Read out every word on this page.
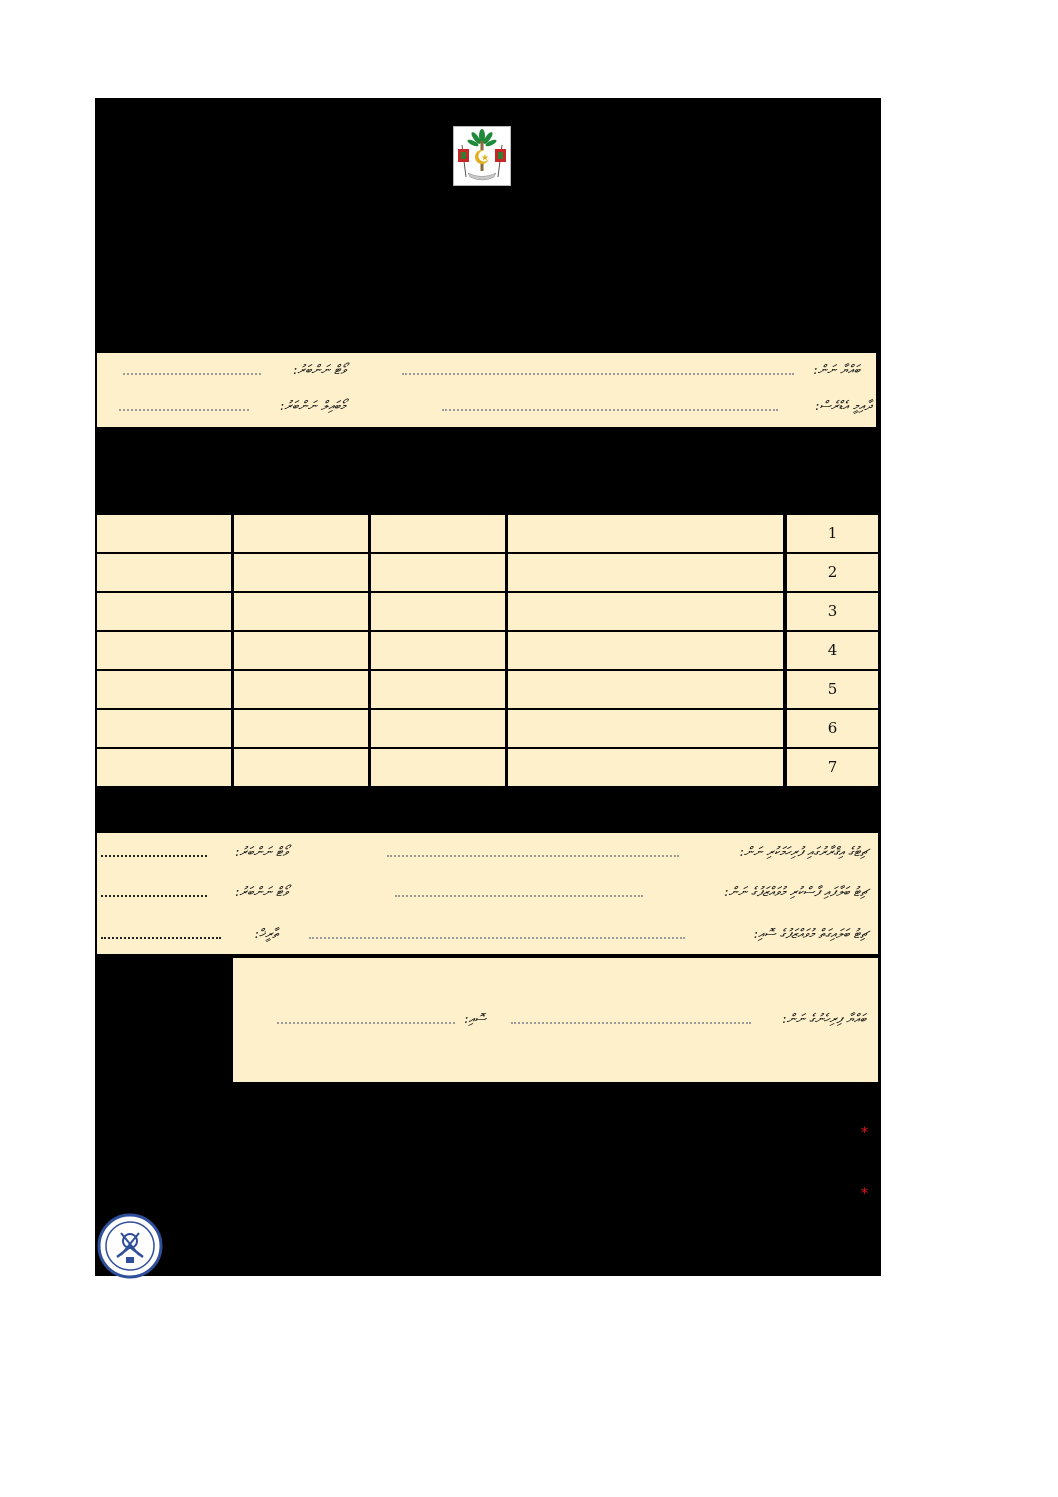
ބައްޔާ ނަން:
ވޯޓް ނަންބަރު:
ދާއިމީ އެޑްރެސް:
މޯބައިލް ނަންބަރު:
1
2
3
4
5
6
7
ޗިޓުގެ އިޤްރާރުގައި ފުރިހަމަކުރި ނަން:
ވޯޓް ނަންބަރު:
ޗިޓު ބަލާފައި ފާސްކުރި މުވައްޒަފުގެ ނަން:
ވޯޓް ނަންބަރު:
ޗިޓު ބަލައިގަތް މުވައްޒަފުގެ ސޮއި:
ތާރީޚް:
ބައްޔާ ފިރިހެނުގެ ނަން:
ސޮއި:
*
*
